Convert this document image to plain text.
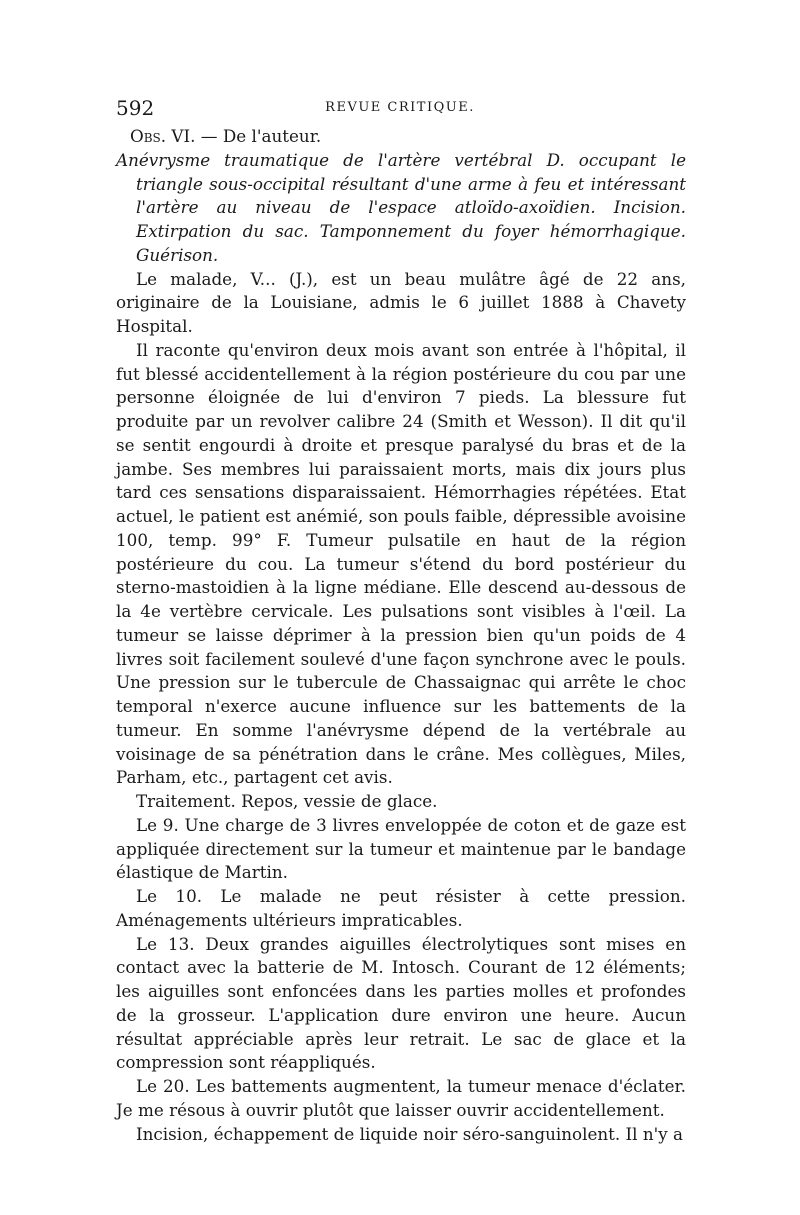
592	REVUE CRITIQUE.

Obs. VI. — De l'auteur.

Anévrysme traumatique de l'artère vertébral D. occupant le triangle sous-occipital résultant d'une arme à feu et intéressant l'artère au niveau de l'espace atloïdo-axoïdien. Incision. Extirpation du sac. Tamponnement du foyer hémorrhagique. Guérison.

Le malade, V... (J.), est un beau mulâtre âgé de 22 ans, originaire de la Louisiane, admis le 6 juillet 1888 à Chavety Hospital.

Il raconte qu'environ deux mois avant son entrée à l'hôpital, il fut blessé accidentellement à la région postérieure du cou par une personne éloignée de lui d'environ 7 pieds. La blessure fut produite par un revolver calibre 24 (Smith et Wesson). Il dit qu'il se sentit engourdi à droite et presque paralysé du bras et de la jambe. Ses membres lui paraissaient morts, mais dix jours plus tard ces sensations disparaissaient. Hémorrhagies répétées. Etat actuel, le patient est anémié, son pouls faible, dépressible avoisine 100, temp. 99° F. Tumeur pulsatile en haut de la région postérieure du cou. La tumeur s'étend du bord postérieur du sterno-mastoidien à la ligne médiane. Elle descend au-dessous de la 4e vertèbre cervicale. Les pulsations sont visibles à l'œil. La tumeur se laisse déprimer à la pression bien qu'un poids de 4 livres soit facilement soulevé d'une façon synchrone avec le pouls. Une pression sur le tubercule de Chassaignac qui arrête le choc temporal n'exerce aucune influence sur les battements de la tumeur. En somme l'anévrysme dépend de la vertébrale au voisinage de sa pénétration dans le crâne. Mes collègues, Miles, Parham, etc., partagent cet avis.

Traitement. Repos, vessie de glace.

Le 9. Une charge de 3 livres enveloppée de coton et de gaze est appliquée directement sur la tumeur et maintenue par le bandage élastique de Martin.

Le 10. Le malade ne peut résister à cette pression. Aménagements ultérieurs impraticables.

Le 13. Deux grandes aiguilles électrolytiques sont mises en contact avec la batterie de M. Intosch. Courant de 12 éléments; les aiguilles sont enfoncées dans les parties molles et profondes de la grosseur. L'application dure environ une heure. Aucun résultat appréciable après leur retrait. Le sac de glace et la compression sont réappliqués.

Le 20. Les battements augmentent, la tumeur menace d'éclater. Je me résous à ouvrir plutôt que laisser ouvrir accidentellement.

Incision, échappement de liquide noir séro-sanguinolent. Il n'y a
